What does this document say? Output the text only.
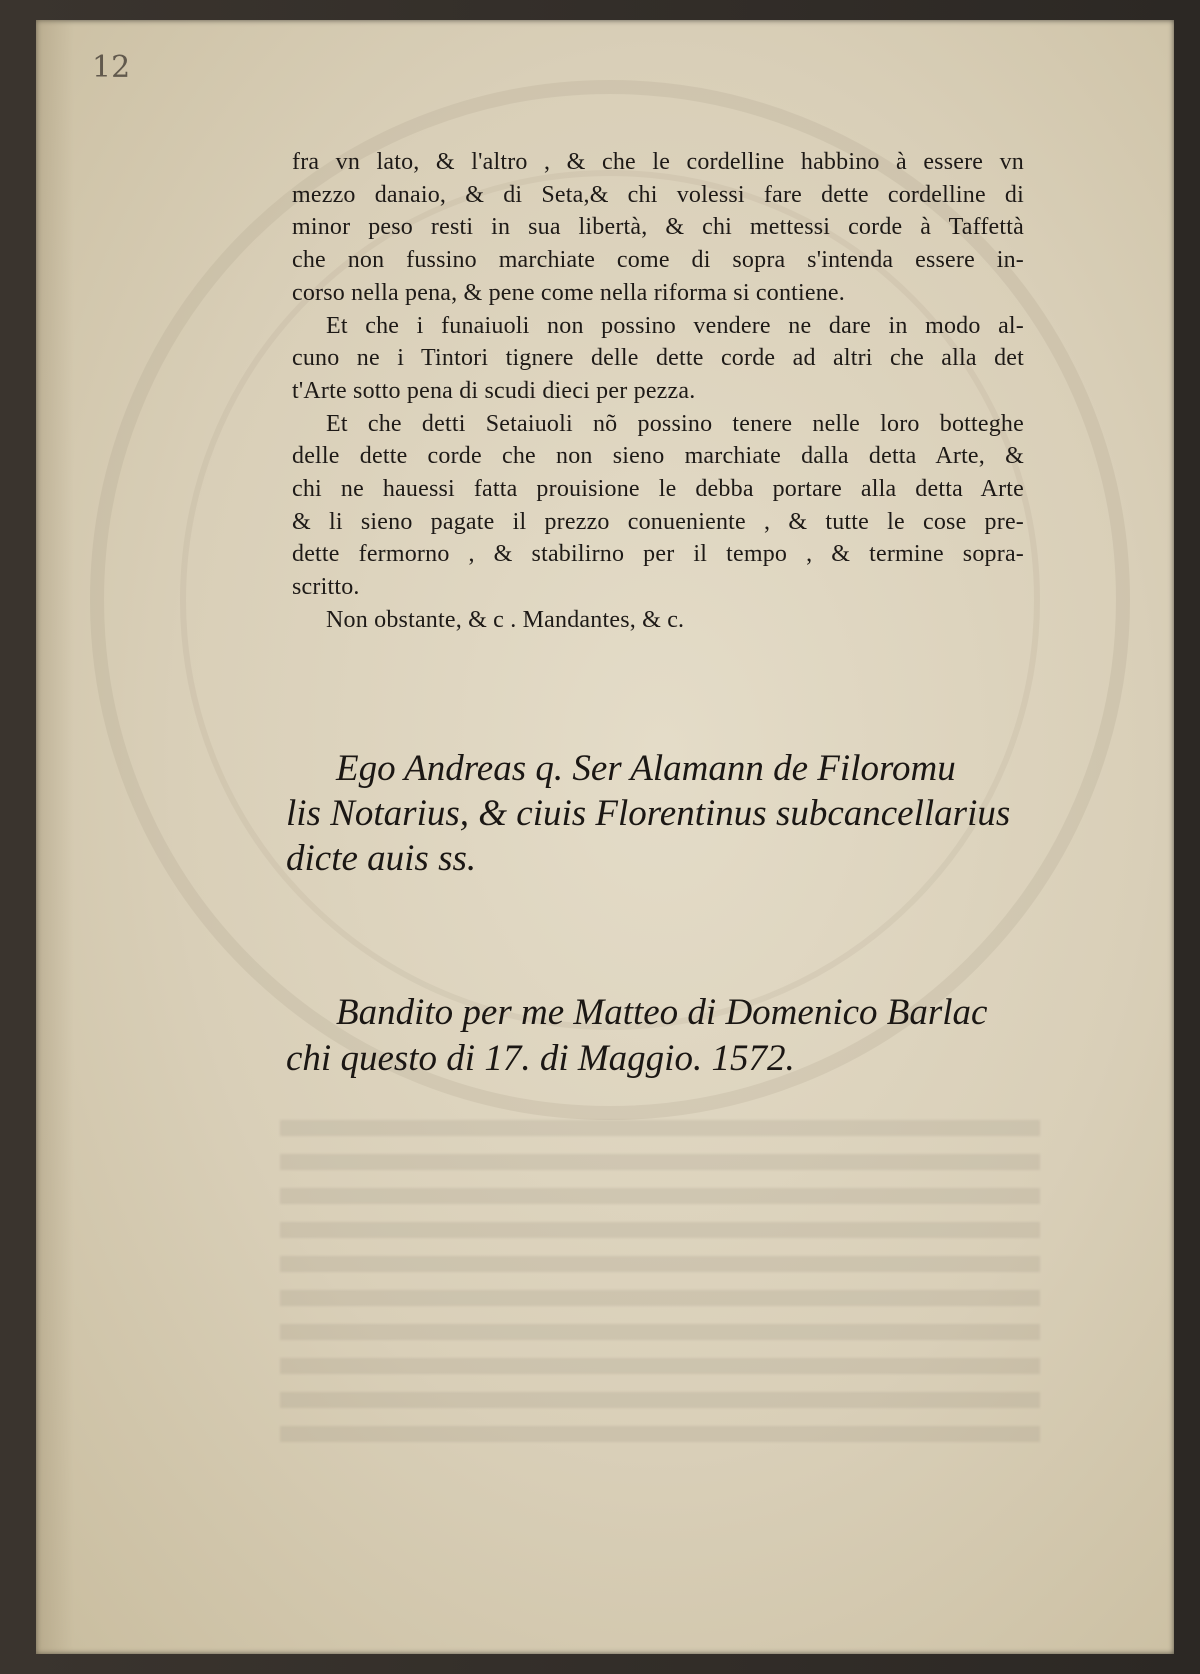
12
fra vn lato, & l'altro , & che le cordelline habbino à essere vn
mezzo danaio, & di Seta,& chi volessi fare dette cordelline di
minor peso resti in sua libertà, & chi mettessi corde à Taffettà
che non fussino marchiate come di sopra s'intenda essere in-
corso nella pena, & pene come nella riforma si contiene.
Et che i funaiuoli non possino vendere ne dare in modo al-
cuno ne i Tintori tignere delle dette corde ad altri che alla det
t'Arte sotto pena di scudi dieci per pezza.
Et che detti Setaiuoli nõ possino tenere nelle loro botteghe
delle dette corde che non sieno marchiate dalla detta Arte, &
chi ne hauessi fatta prouisione le debba portare alla detta Arte
& li sieno pagate il prezzo conueniente , & tutte le cose pre-
dette fermorno , & stabilirno per il tempo , & termine sopra-
scritto.
Non obstante, & c . Mandantes, & c.
Ego Andreas q. Ser Alamann de Filoromu
lis Notarius, & ciuis Florentinus subcancellarius
dicte auis ss.
Bandito per me Matteo di Domenico Barlac
chi questo di 17. di Maggio. 1572.
